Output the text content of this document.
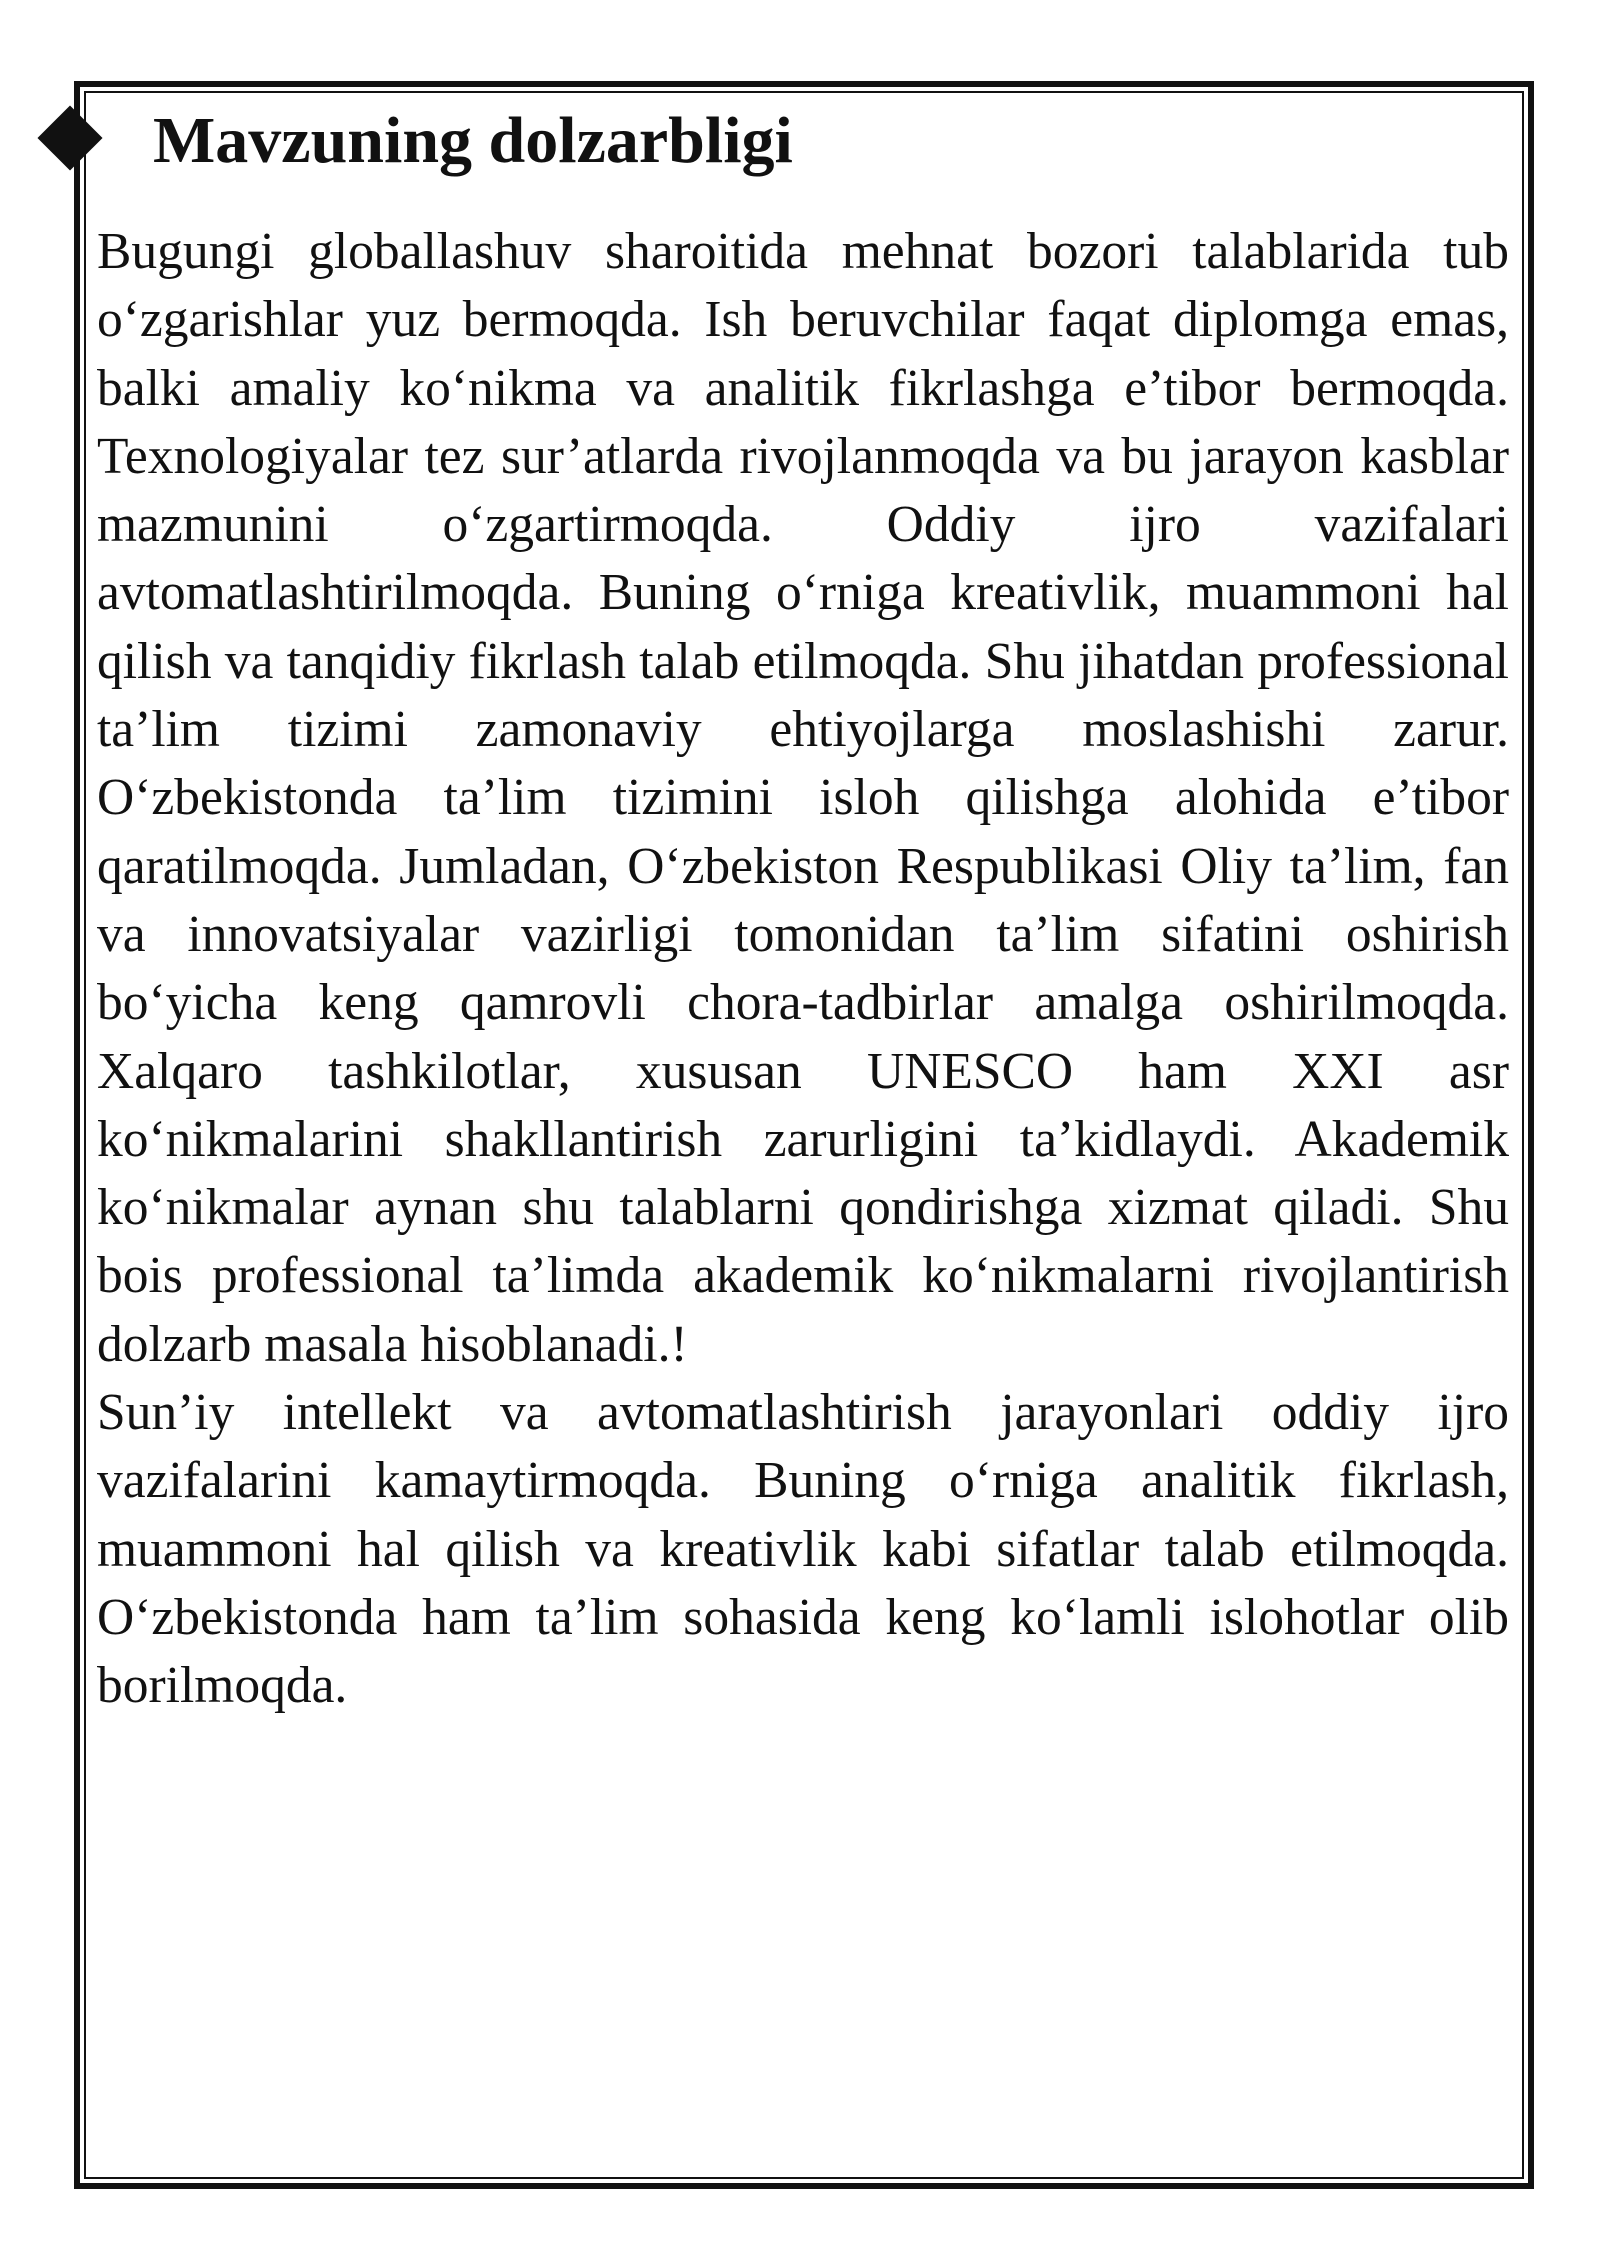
Mavzuning dolzarbligi

Bugungi globallashuv sharoitida mehnat bozori talablarida tub o‘zgarishlar yuz bermoqda. Ish beruvchilar faqat diplomga emas, balki amaliy ko‘nikma va analitik fikrlashga e’tibor bermoqda. Texnologiyalar tez sur’atlarda rivojlanmoqda va bu jarayon kasblar mazmunini o‘zgartirmoqda. Oddiy ijro vazifalari avtomatlashtirilmoqda. Buning o‘rniga kreativlik, muammoni hal qilish va tanqidiy fikrlash talab etilmoqda. Shu jihatdan professional ta’lim tizimi zamonaviy ehtiyojlarga moslashishi zarur. O‘zbekistonda ta’lim tizimini isloh qilishga alohida e’tibor qaratilmoqda. Jumladan, O‘zbekiston Respublikasi Oliy ta’lim, fan va innovatsiyalar vazirligi tomonidan ta’lim sifatini oshirish bo‘yicha keng qamrovli chora-tadbirlar amalga oshirilmoqda. Xalqaro tashkilotlar, xususan UNESCO ham XXI asr ko‘nikmalarini shakllantirish zarurligini ta’kidlaydi. Akademik ko‘nikmalar aynan shu talablarni qondirishga xizmat qiladi. Shu bois professional ta’limda akademik ko‘nikmalarni rivojlantirish dolzarb masala hisoblanadi.!

Sun’iy intellekt va avtomatlashtirish jarayonlari oddiy ijro vazifalarini kamaytirmoqda. Buning o‘rniga analitik fikrlash, muammoni hal qilish va kreativlik kabi sifatlar talab etilmoqda. O‘zbekistonda ham ta’lim sohasida keng ko‘lamli islohotlar olib borilmoqda.
